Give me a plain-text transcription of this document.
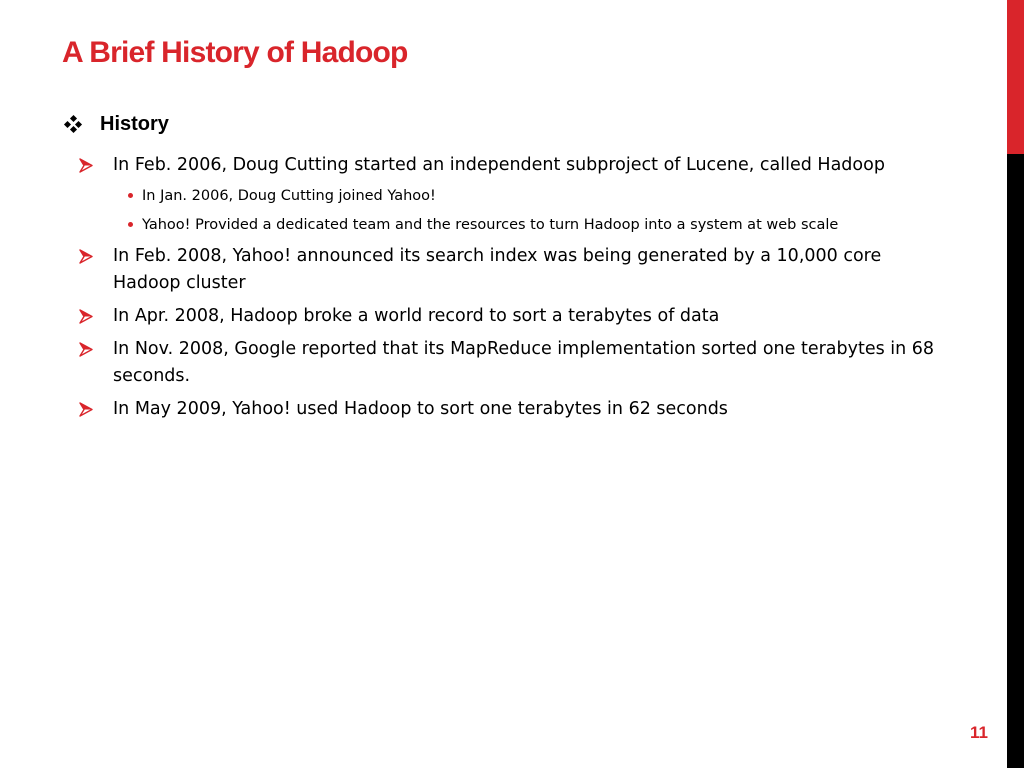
A Brief History of Hadoop
History
In Feb. 2006, Doug Cutting started an independent subproject of Lucene, called Hadoop
In Jan. 2006, Doug Cutting joined Yahoo!
Yahoo! Provided a dedicated team and the resources to turn Hadoop into a system at web scale
In Feb. 2008, Yahoo! announced its search index was being generated by a 10,000 core Hadoop cluster
In Apr. 2008, Hadoop broke a world record to sort a terabytes of data
In Nov. 2008, Google reported that its MapReduce implementation sorted one terabytes in 68 seconds.
In May 2009, Yahoo! used Hadoop to sort one terabytes in 62 seconds
11
